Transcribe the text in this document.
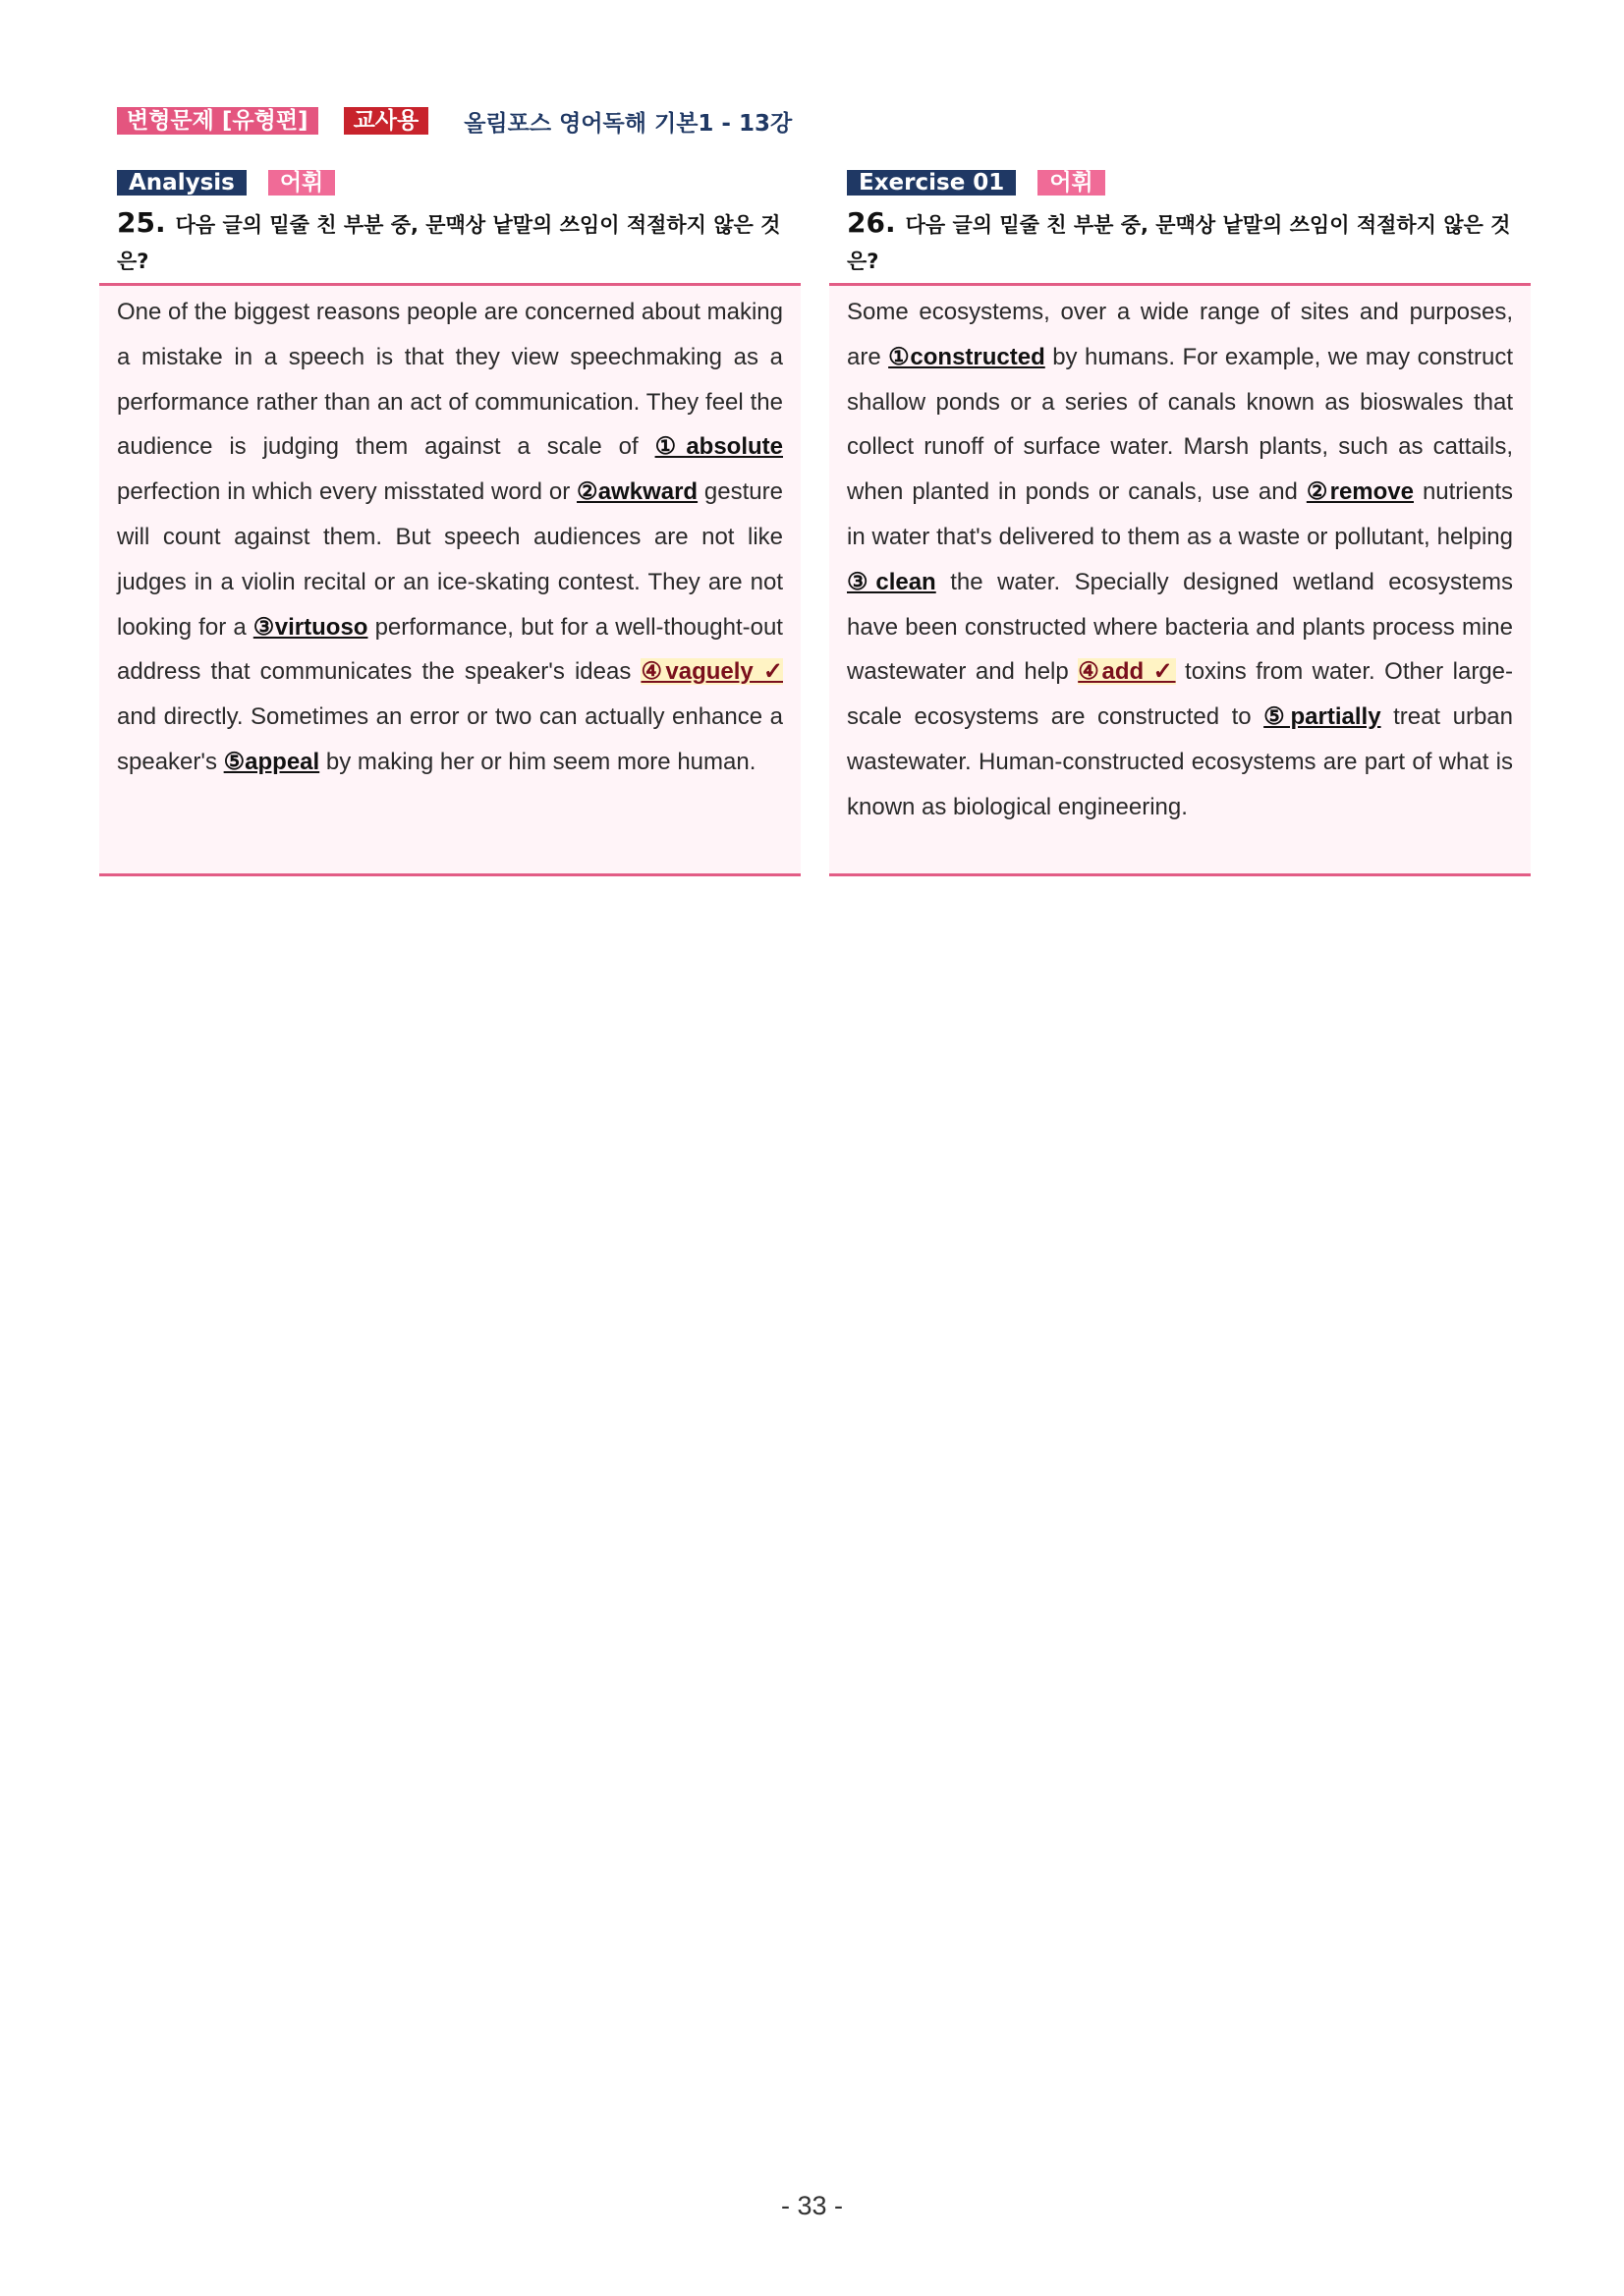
변형문제 [유형편]	교사용	올림포스 영어독해 기본1 - 13강
Analysis	어휘
25. 다음 글의 밑줄 친 부분 중, 문맥상 낱말의 쓰임이 적절하지 않은 것은?

One of the biggest reasons people are concerned about making a mistake in a speech is that they view speechmaking as a performance rather than an act of communication. They feel the audience is judging them against a scale of ①absolute perfection in which every misstated word or ②awkward gesture will count against them. But speech audiences are not like judges in a violin recital or an ice-skating contest. They are not looking for a ③virtuoso performance, but for a well-thought-out address that communicates the speaker's ideas ④vaguely ✓ and directly. Sometimes an error or two can actually enhance a speaker's ⑤appeal by making her or him seem more human.

Exercise 01	어휘
26. 다음 글의 밑줄 친 부분 중, 문맥상 낱말의 쓰임이 적절하지 않은 것은?

Some ecosystems, over a wide range of sites and purposes, are ①constructed by humans. For example, we may construct shallow ponds or a series of canals known as bioswales that collect runoff of surface water. Marsh plants, such as cattails, when planted in ponds or canals, use and ②remove nutrients in water that's delivered to them as a waste or pollutant, helping ③clean the water. Specially designed wetland ecosystems have been constructed where bacteria and plants process mine wastewater and help ④add ✓ toxins from water. Other large-scale ecosystems are constructed to ⑤partially treat urban wastewater. Human-constructed ecosystems are part of what is known as biological engineering.

- 33 -
